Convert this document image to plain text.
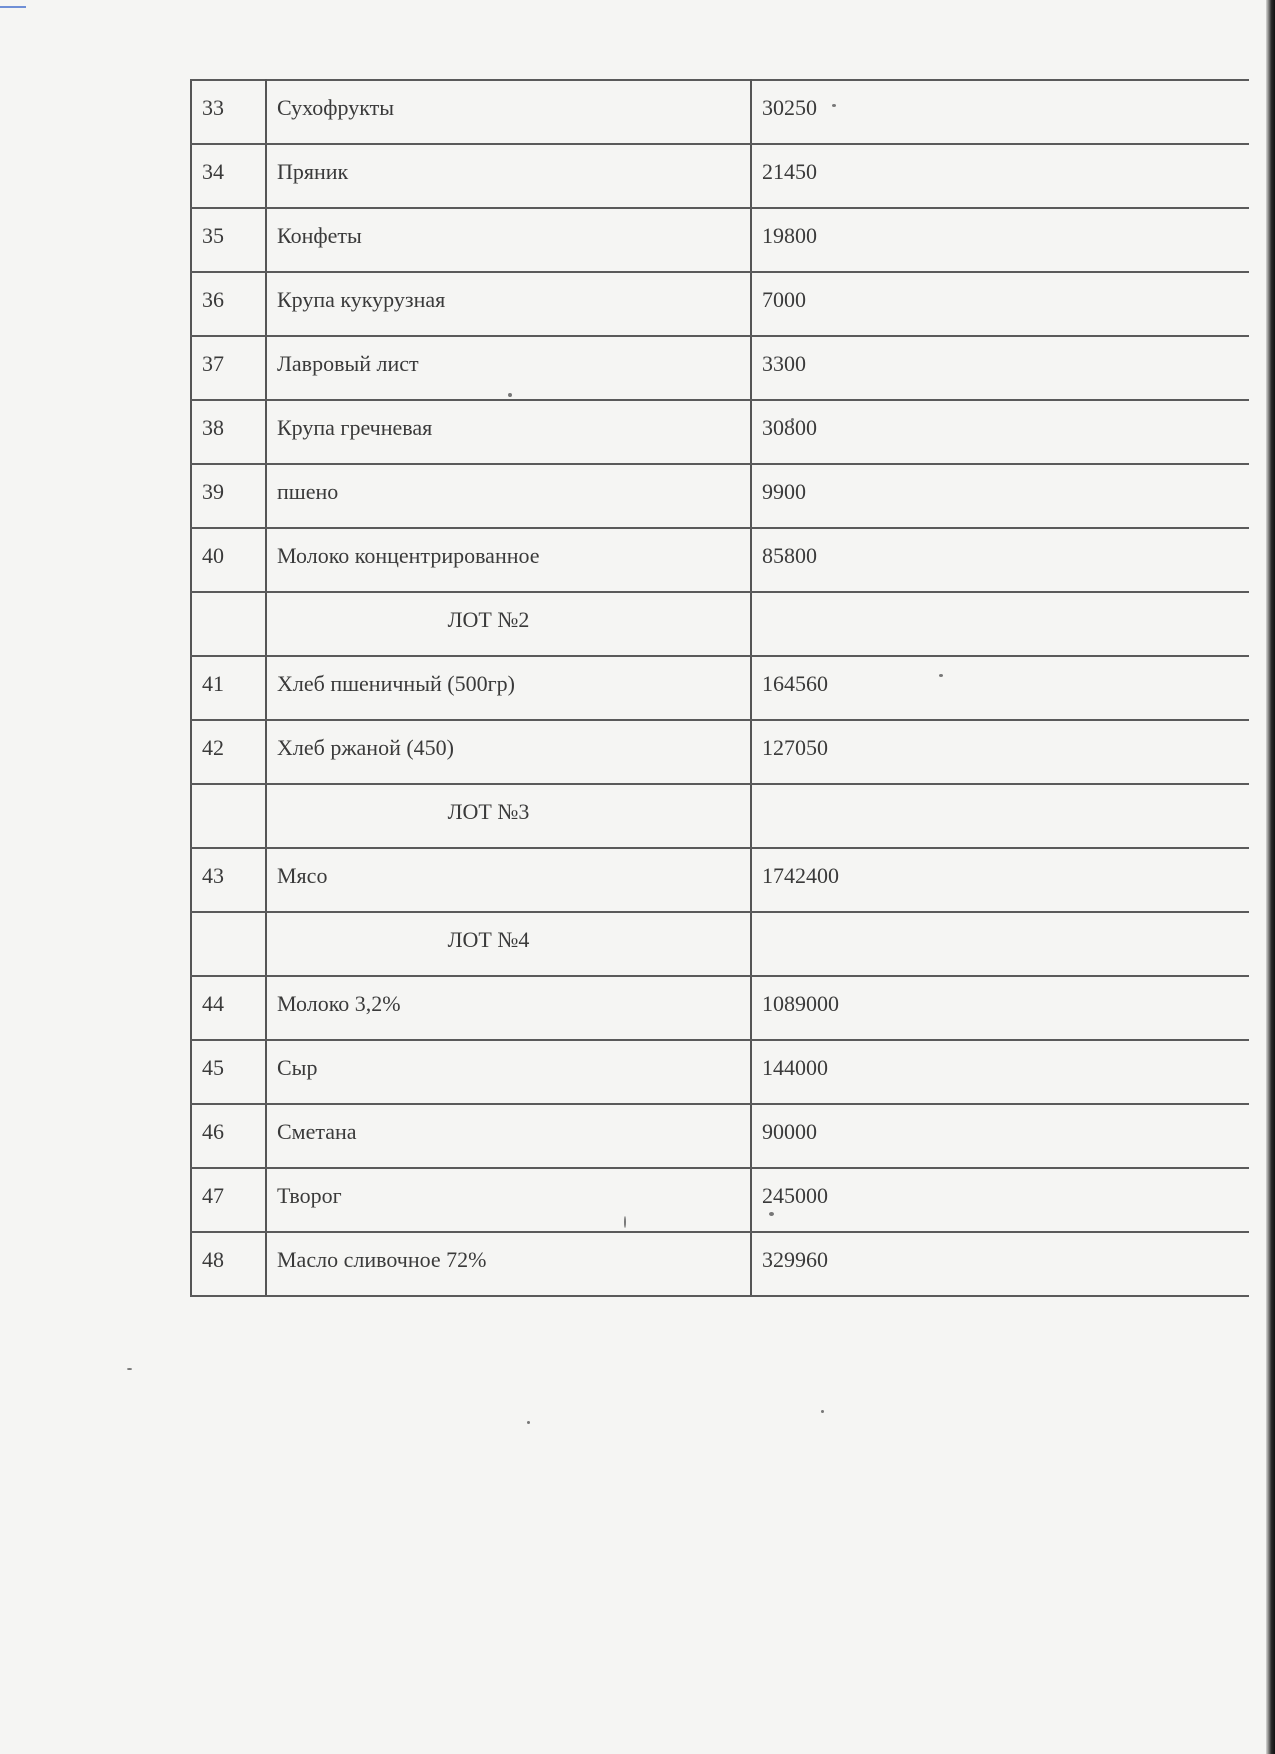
33	Сухофрукты	30250
34	Пряник	21450
35	Конфеты	19800
36	Крупа кукурузная	7000
37	Лавровый лист	3300
38	Крупа гречневая	30800
39	пшено	9900
40	Молоко концентрированное	85800
	ЛОТ №2	
41	Хлеб пшеничный (500гр)	164560
42	Хлеб ржаной (450)	127050
	ЛОТ №3	
43	Мясо	1742400
	ЛОТ №4	
44	Молоко 3,2%	1089000
45	Сыр	144000
46	Сметана	90000
47	Творог	245000
48	Масло сливочное 72%	329960
